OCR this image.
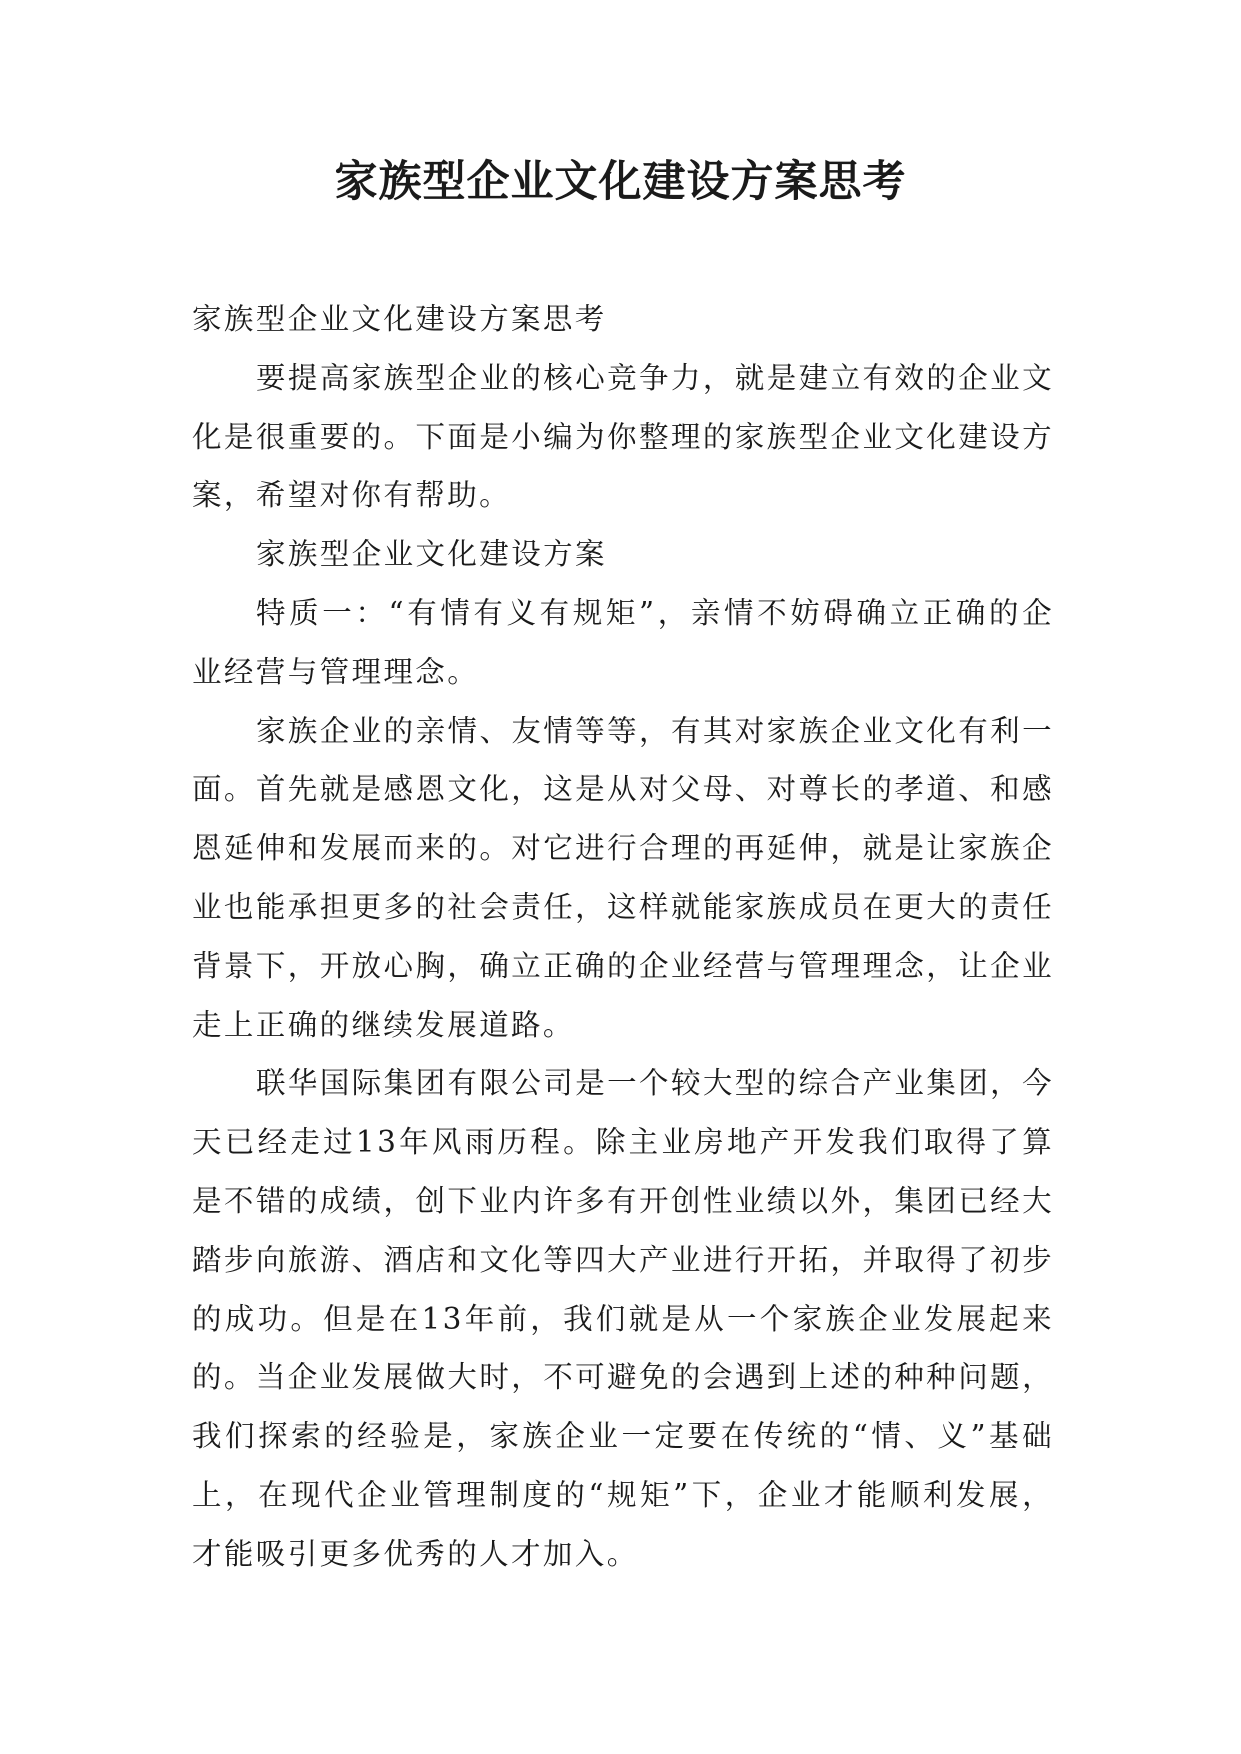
家族型企业文化建设方案思考

家族型企业文化建设方案思考

要提高家族型企业的核心竞争力，就是建立有效的企业文化是很重要的。下面是小编为你整理的家族型企业文化建设方案，希望对你有帮助。

家族型企业文化建设方案

特质一：“有情有义有规矩”，亲情不妨碍确立正确的企业经营与管理理念。

家族企业的亲情、友情等等，有其对家族企业文化有利一面。首先就是感恩文化，这是从对父母、对尊长的孝道、和感恩延伸和发展而来的。对它进行合理的再延伸，就是让家族企业也能承担更多的社会责任，这样就能家族成员在更大的责任背景下，开放心胸，确立正确的企业经营与管理理念，让企业走上正确的继续发展道路。

联华国际集团有限公司是一个较大型的综合产业集团，今天已经走过13年风雨历程。除主业房地产开发我们取得了算是不错的成绩，创下业内许多有开创性业绩以外，集团已经大踏步向旅游、酒店和文化等四大产业进行开拓，并取得了初步的成功。但是在13年前，我们就是从一个家族企业发展起来的。当企业发展做大时，不可避免的会遇到上述的种种问题，我们探索的经验是，家族企业一定要在传统的“情、义”基础上，在现代企业管理制度的“规矩”下，企业才能顺利发展，才能吸引更多优秀的人才加入。
